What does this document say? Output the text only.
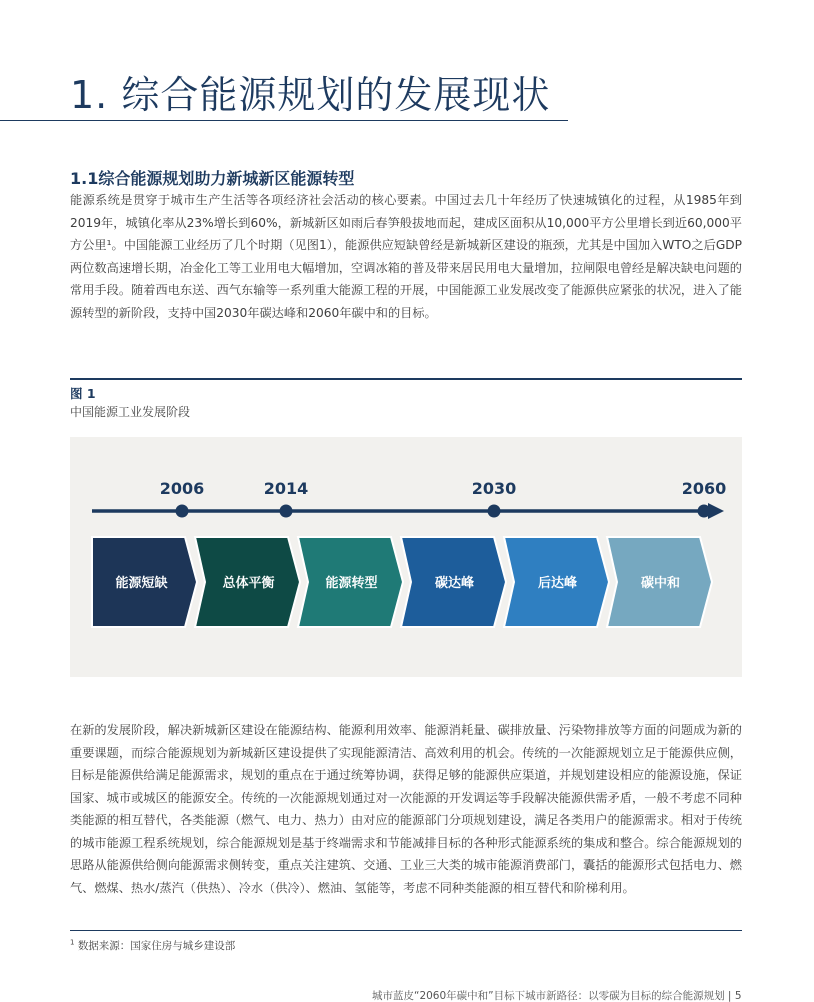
1. 综合能源规划的发展现状
1.1综合能源规划助力新城新区能源转型

能源系统是贯穿于城市生产生活等各项经济社会活动的核心要素。中国过去几十年经历了快速城镇化的过程，从1985年到2019年，城镇化率从23%增长到60%，新城新区如雨后春笋般拔地而起，建成区面积从10,000平方公里增长到近60,000平方公里¹。中国能源工业经历了几个时期（见图1），能源供应短缺曾经是新城新区建设的瓶颈，尤其是中国加入WTO之后GDP两位数高速增长期，冶金化工等工业用电大幅增加，空调冰箱的普及带来居民用电大量增加，拉闸限电曾经是解决缺电问题的常用手段。随着西电东送、西气东输等一系列重大能源工程的开展，中国能源工业发展改变了能源供应紧张的状况，进入了能源转型的新阶段，支持中国2030年碳达峰和2060年碳中和的目标。

图 1
中国能源工业发展阶段
2006	2014	2030	2060
能源短缺	总体平衡	能源转型	碳达峰	后达峰	碳中和

在新的发展阶段，解决新城新区建设在能源结构、能源利用效率、能源消耗量、碳排放量、污染物排放等方面的问题成为新的重要课题，而综合能源规划为新城新区建设提供了实现能源清洁、高效利用的机会。传统的一次能源规划立足于能源供应侧，目标是能源供给满足能源需求，规划的重点在于通过统筹协调，获得足够的能源供应渠道，并规划建设相应的能源设施，保证国家、城市或城区的能源安全。传统的一次能源规划通过对一次能源的开发调运等手段解决能源供需矛盾，一般不考虑不同种类能源的相互替代，各类能源（燃气、电力、热力）由对应的能源部门分项规划建设，满足各类用户的能源需求。相对于传统的城市能源工程系统规划，综合能源规划是基于终端需求和节能减排目标的各种形式能源系统的集成和整合。综合能源规划的思路从能源供给侧向能源需求侧转变，重点关注建筑、交通、工业三大类的城市能源消费部门，囊括的能源形式包括电力、燃气、燃煤、热水/蒸汽（供热）、冷水（供冷）、燃油、氢能等，考虑不同种类能源的相互替代和阶梯利用。

$^1$ 数据来源：国家住房与城乡建设部
城市蓝皮“2060年碳中和”目标下城市新路径：以零碳为目标的综合能源规划 | 5
